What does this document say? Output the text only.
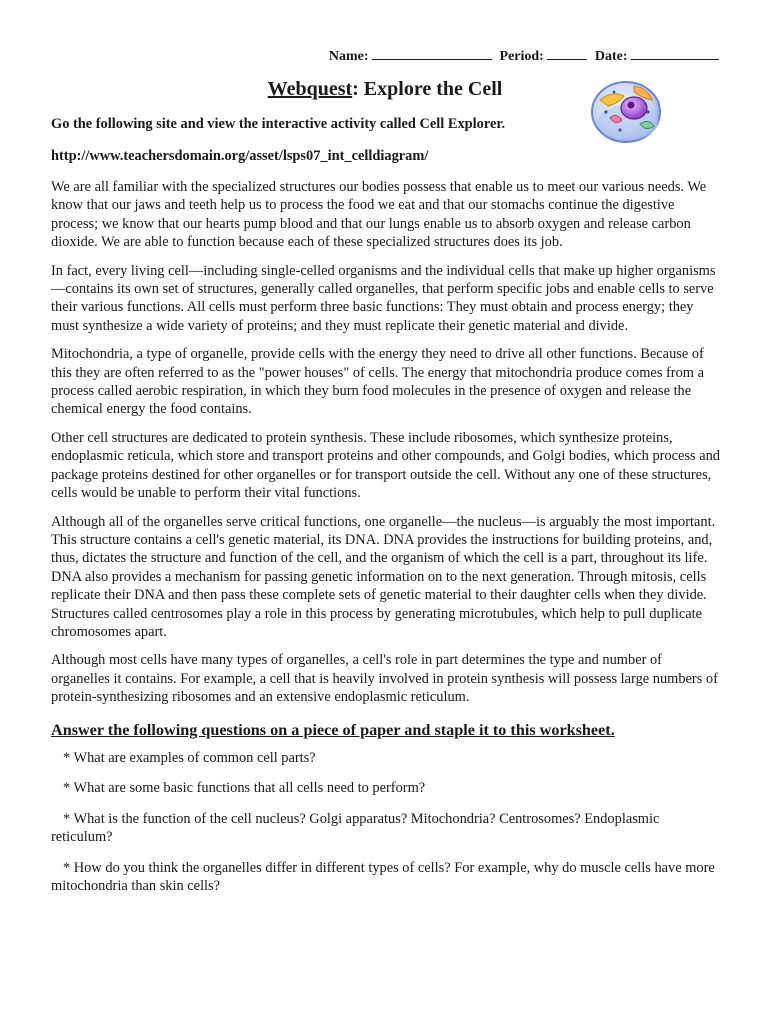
Name:	Period:	Date:
Webquest: Explore the Cell
Go the following site and view the interactive activity called Cell Explorer.
http://www.teachersdomain.org/asset/lsps07_int_celldiagram/

We are all familiar with the specialized structures our bodies possess that enable us to meet our various needs. We know that our jaws and teeth help us to process the food we eat and that our stomachs continue the digestive process; we know that our hearts pump blood and that our lungs enable us to absorb oxygen and release carbon dioxide. We are able to function because each of these specialized structures does its job.

In fact, every living cell—including single-celled organisms and the individual cells that make up higher organisms—contains its own set of structures, generally called organelles, that perform specific jobs and enable cells to serve their various functions. All cells must perform three basic functions: They must obtain and process energy; they must synthesize a wide variety of proteins; and they must replicate their genetic material and divide.

Mitochondria, a type of organelle, provide cells with the energy they need to drive all other functions. Because of this they are often referred to as the "power houses" of cells. The energy that mitochondria produce comes from a process called aerobic respiration, in which they burn food molecules in the presence of oxygen and release the chemical energy the food contains.

Other cell structures are dedicated to protein synthesis. These include ribosomes, which synthesize proteins, endoplasmic reticula, which store and transport proteins and other compounds, and Golgi bodies, which process and package proteins destined for other organelles or for transport outside the cell. Without any one of these structures, cells would be unable to perform their vital functions.

Although all of the organelles serve critical functions, one organelle—the nucleus—is arguably the most important. This structure contains a cell's genetic material, its DNA. DNA provides the instructions for building proteins, and, thus, dictates the structure and function of the cell, and the organism of which the cell is a part, throughout its life. DNA also provides a mechanism for passing genetic information on to the next generation. Through mitosis, cells replicate their DNA and then pass these complete sets of genetic material to their daughter cells when they divide. Structures called centrosomes play a role in this process by generating microtubules, which help to pull duplicate chromosomes apart.

Although most cells have many types of organelles, a cell's role in part determines the type and number of organelles it contains. For example, a cell that is heavily involved in protein synthesis will possess large numbers of protein-synthesizing ribosomes and an extensive endoplasmic reticulum.

Answer the following questions on a piece of paper and staple it to this worksheet.

* What are examples of common cell parts?

* What are some basic functions that all cells need to perform?

* What is the function of the cell nucleus? Golgi apparatus? Mitochondria? Centrosomes? Endoplasmic reticulum?

* How do you think the organelles differ in different types of cells? For example, why do muscle cells have more mitochondria than skin cells?
